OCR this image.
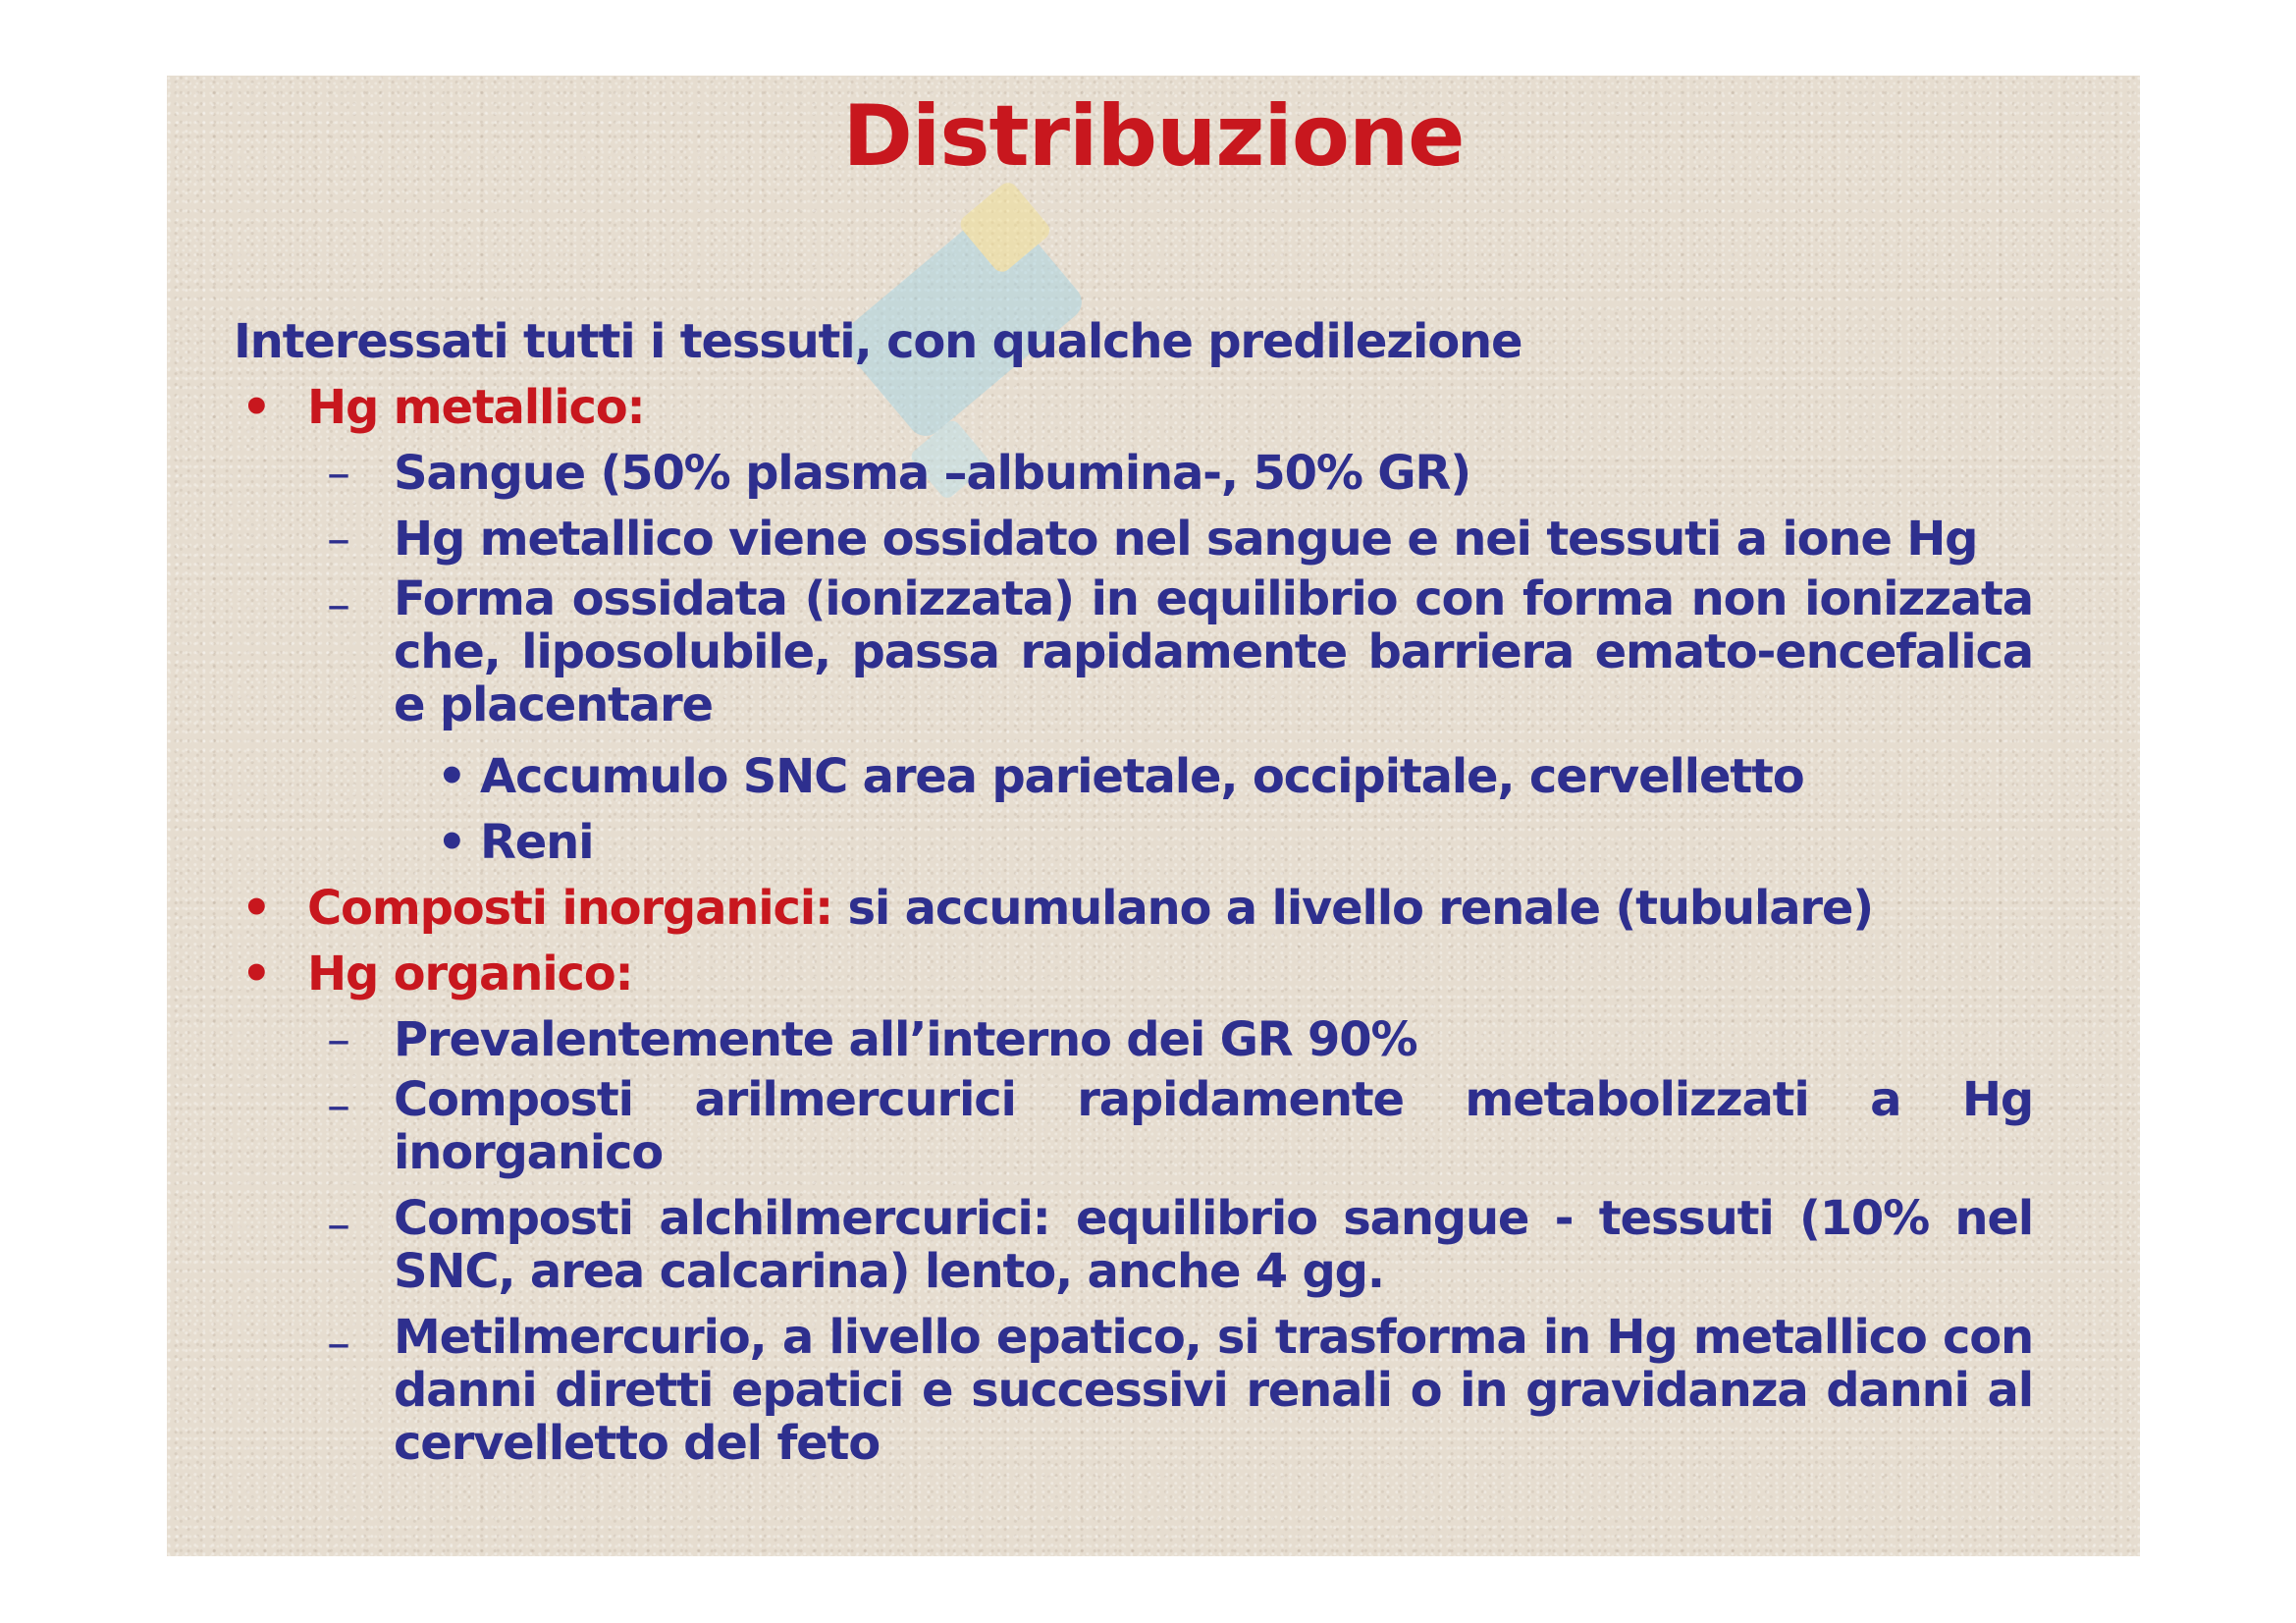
Distribuzione
Interessati tutti i tessuti, con qualche predilezione
• Hg metallico:
– Sangue (50% plasma –albumina-, 50% GR)
– Hg metallico viene ossidato nel sangue e nei tessuti a ione Hg
– Forma ossidata (ionizzata) in equilibrio con forma non ionizzata che, liposolubile, passa rapidamente barriera emato-encefalica e placentare
• Accumulo SNC area parietale, occipitale, cervelletto
• Reni
• Composti inorganici: si accumulano a livello renale (tubulare)
• Hg organico:
– Prevalentemente all’interno dei GR 90%
– Composti arilmercurici rapidamente metabolizzati a Hg inorganico
– Composti alchilmercurici: equilibrio sangue - tessuti (10% nel SNC, area calcarina) lento, anche 4 gg.
– Metilmercurio, a livello epatico, si trasforma in Hg metallico con danni diretti epatici e successivi renali o in gravidanza danni al cervelletto del feto
